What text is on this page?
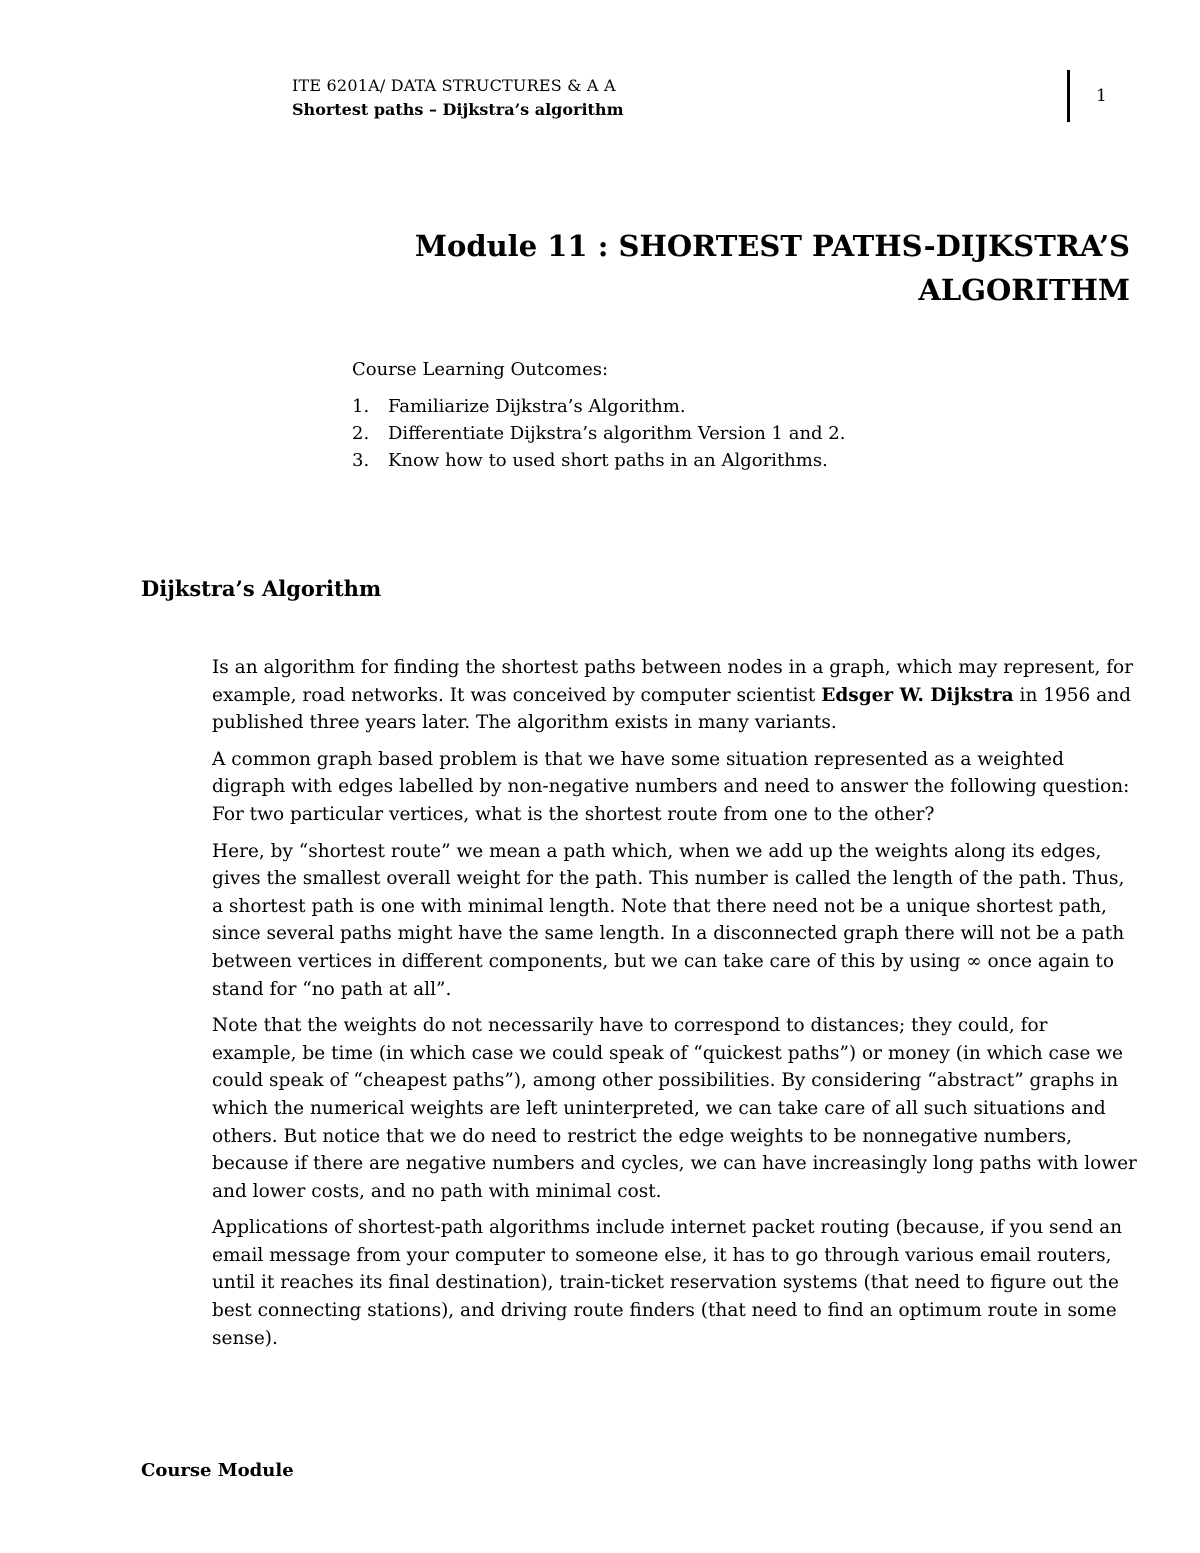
ITE 6201A/ DATA STRUCTURES & A A
Shortest paths – Dijkstra’s algorithm
1
Module 11 : SHORTEST PATHS-DIJKSTRA’S
ALGORITHM
Course Learning Outcomes:
1.	Familiarize Dijkstra’s Algorithm.
2.	Differentiate Dijkstra’s algorithm Version 1 and 2.
3.	Know how to used short paths in an Algorithms.
Dijkstra’s Algorithm

Is an algorithm for finding the shortest paths between nodes in a graph, which may represent, for example, road networks. It was conceived by computer scientist Edsger W. Dijkstra in 1956 and published three years later. The algorithm exists in many variants.

A common graph based problem is that we have some situation represented as a weighted digraph with edges labelled by non-negative numbers and need to answer the following question: For two particular vertices, what is the shortest route from one to the other?

Here, by “shortest route” we mean a path which, when we add up the weights along its edges, gives the smallest overall weight for the path. This number is called the length of the path. Thus, a shortest path is one with minimal length. Note that there need not be a unique shortest path, since several paths might have the same length. In a disconnected graph there will not be a path between vertices in different components, but we can take care of this by using ∞ once again to stand for “no path at all”.

Note that the weights do not necessarily have to correspond to distances; they could, for example, be time (in which case we could speak of “quickest paths”) or money (in which case we could speak of “cheapest paths”), among other possibilities. By considering “abstract” graphs in which the numerical weights are left uninterpreted, we can take care of all such situations and others. But notice that we do need to restrict the edge weights to be nonnegative numbers, because if there are negative numbers and cycles, we can have increasingly long paths with lower and lower costs, and no path with minimal cost.

Applications of shortest-path algorithms include internet packet routing (because, if you send an email message from your computer to someone else, it has to go through various email routers, until it reaches its final destination), train-ticket reservation systems (that need to figure out the best connecting stations), and driving route finders (that need to find an optimum route in some sense).

Course Module
